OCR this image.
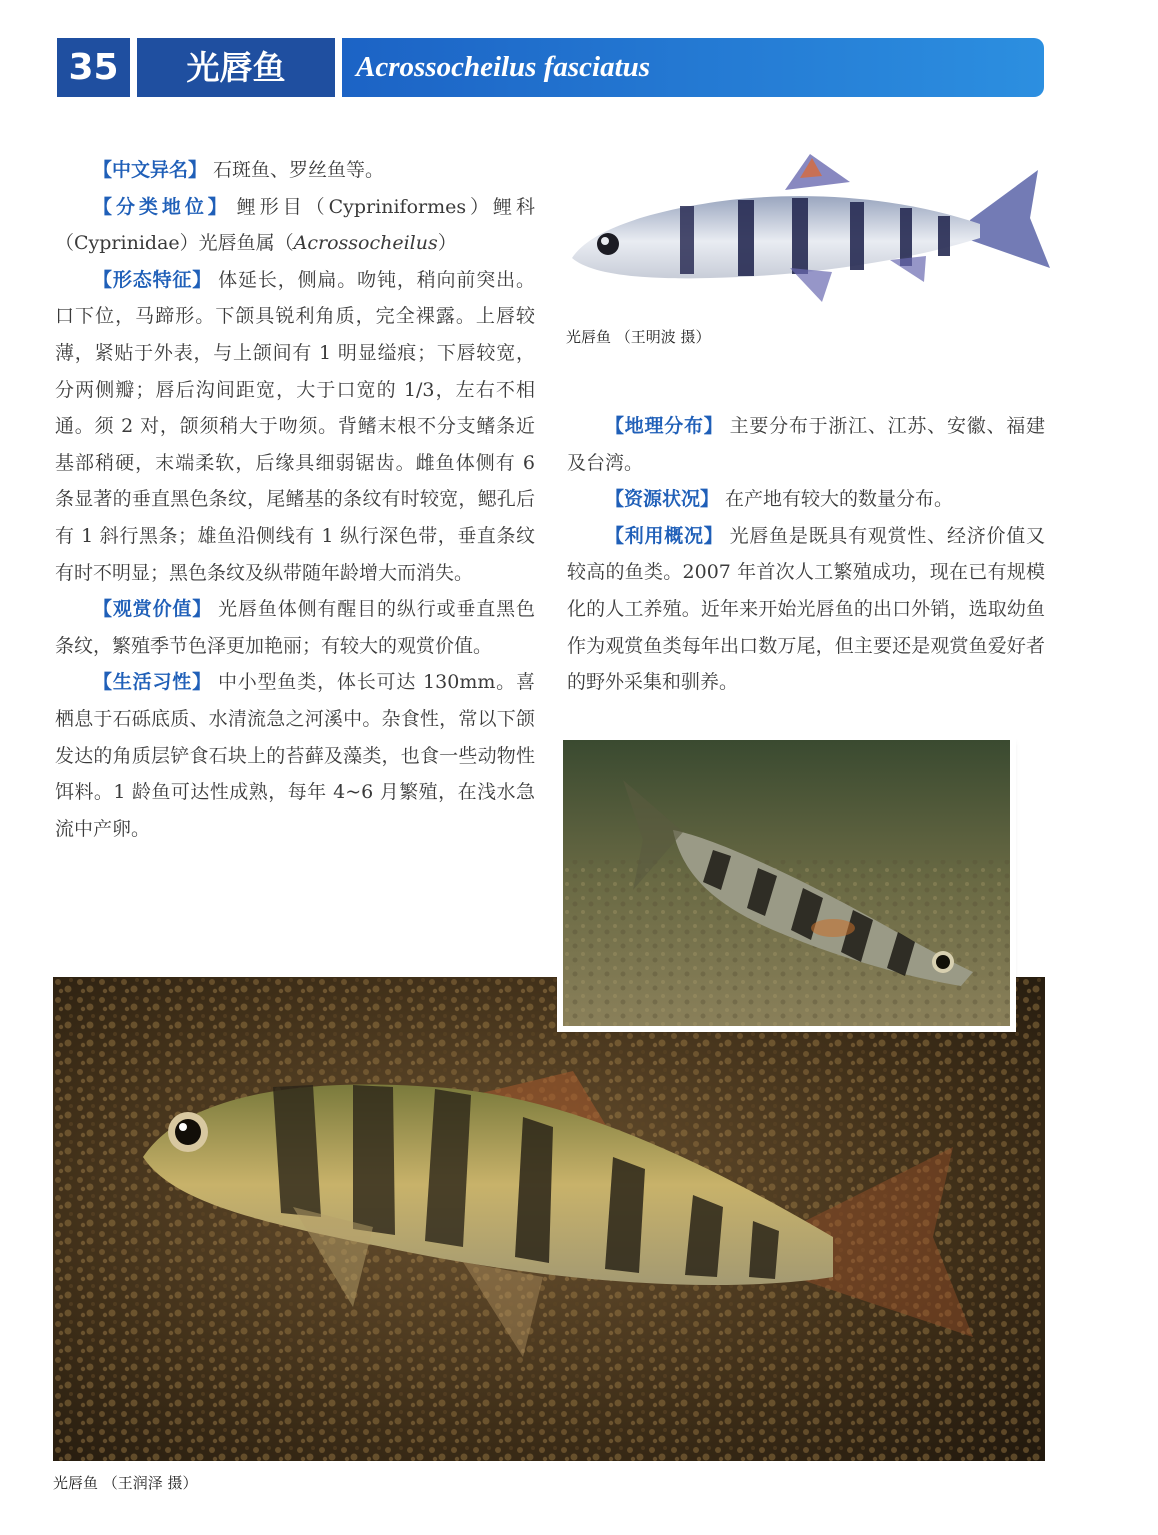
35	光唇鱼	Acrossocheilus fasciatus

【中文异名】 石斑鱼、罗丝鱼等。

【分类地位】 鲤形目（Cypriniformes）鲤科（Cyprinidae）光唇鱼属（Acrossocheilus）

【形态特征】 体延长，侧扁。吻钝，稍向前突出。口下位，马蹄形。下颌具锐利角质，完全裸露。上唇较薄，紧贴于外表，与上颌间有 1 明显缢痕；下唇较宽，分两侧瓣；唇后沟间距宽，大于口宽的 1/3，左右不相通。须 2 对，颌须稍大于吻须。背鳍末根不分支鳍条近基部稍硬，末端柔软，后缘具细弱锯齿。雌鱼体侧有 6 条显著的垂直黑色条纹，尾鳍基的条纹有时较宽，鳃孔后有 1 斜行黑条；雄鱼沿侧线有 1 纵行深色带，垂直条纹有时不明显；黑色条纹及纵带随年龄增大而消失。

【观赏价值】 光唇鱼体侧有醒目的纵行或垂直黑色条纹，繁殖季节色泽更加艳丽；有较大的观赏价值。

【生活习性】 中小型鱼类，体长可达 130mm。喜栖息于石砾底质、水清流急之河溪中。杂食性，常以下颌发达的角质层铲食石块上的苔藓及藻类，也食一些动物性饵料。1 龄鱼可达性成熟，每年 4~6 月繁殖，在浅水急流中产卵。

光唇鱼 （王明波 摄）

【地理分布】 主要分布于浙江、江苏、安徽、福建及台湾。

【资源状况】 在产地有较大的数量分布。

【利用概况】 光唇鱼是既具有观赏性、经济价值又较高的鱼类。2007 年首次人工繁殖成功，现在已有规模化的人工养殖。近年来开始光唇鱼的出口外销，选取幼鱼作为观赏鱼类每年出口数万尾，但主要还是观赏鱼爱好者的野外采集和驯养。

光唇鱼 （王润泽 摄）
